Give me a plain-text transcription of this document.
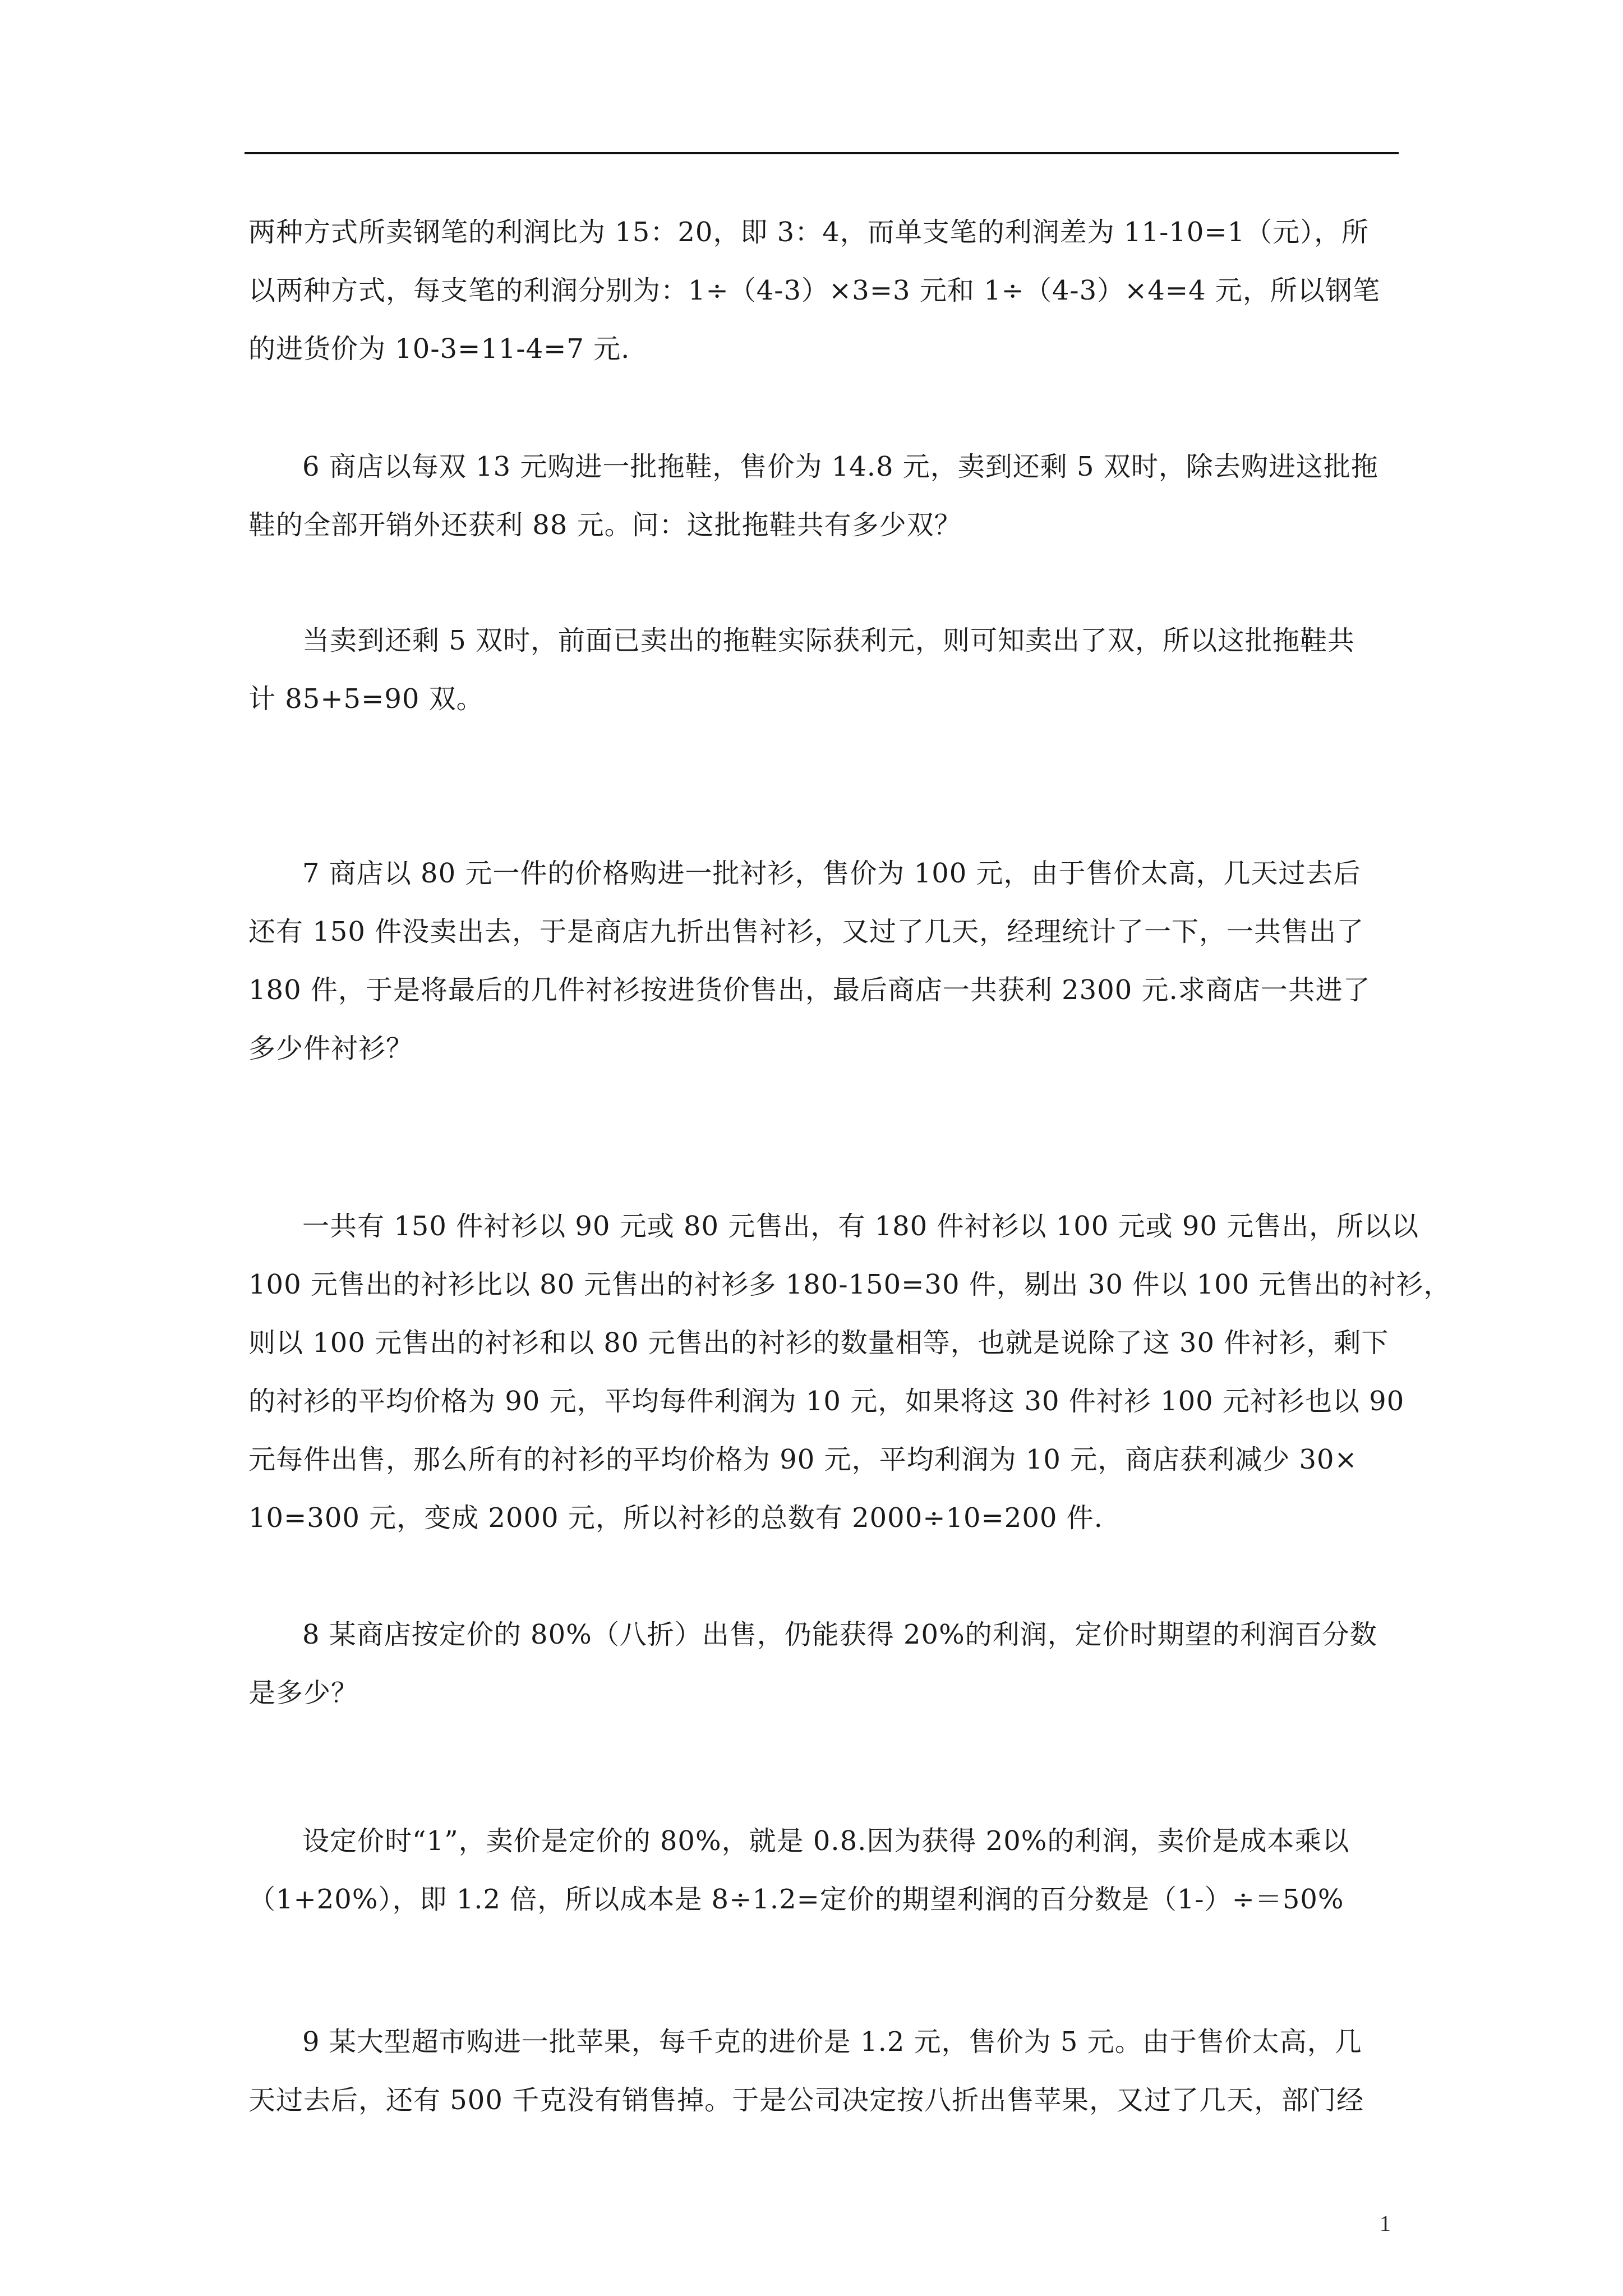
两种方式所卖钢笔的利润比为 15：20，即 3：4，而单支笔的利润差为 11-10=1（元），所
以两种方式，每支笔的利润分别为：1÷（4-3）×3=3 元和 1÷（4-3）×4=4 元，所以钢笔
的进货价为 10-3=11-4=7 元.
6 商店以每双 13 元购进一批拖鞋，售价为 14.8 元，卖到还剩 5 双时，除去购进这批拖
鞋的全部开销外还获利 88 元。问：这批拖鞋共有多少双？
当卖到还剩 5 双时，前面已卖出的拖鞋实际获利元，则可知卖出了双，所以这批拖鞋共
计 85+5=90 双。
7 商店以 80 元一件的价格购进一批衬衫，售价为 100 元，由于售价太高，几天过去后
还有 150 件没卖出去，于是商店九折出售衬衫，又过了几天，经理统计了一下，一共售出了
180 件，于是将最后的几件衬衫按进货价售出，最后商店一共获利 2300 元.求商店一共进了
多少件衬衫？
一共有 150 件衬衫以 90 元或 80 元售出，有 180 件衬衫以 100 元或 90 元售出，所以以
100 元售出的衬衫比以 80 元售出的衬衫多 180-150=30 件，剔出 30 件以 100 元售出的衬衫，
则以 100 元售出的衬衫和以 80 元售出的衬衫的数量相等，也就是说除了这 30 件衬衫，剩下
的衬衫的平均价格为 90 元，平均每件利润为 10 元，如果将这 30 件衬衫 100 元衬衫也以 90
元每件出售，那么所有的衬衫的平均价格为 90 元，平均利润为 10 元，商店获利减少 30×
10=300 元，变成 2000 元，所以衬衫的总数有 2000÷10=200 件.
8 某商店按定价的 80%（八折）出售，仍能获得 20%的利润，定价时期望的利润百分数
是多少？
设定价时“1”，卖价是定价的 80%，就是 0.8.因为获得 20%的利润，卖价是成本乘以
（1+20%），即 1.2 倍，所以成本是 8÷1.2=定价的期望利润的百分数是（1-）÷＝50%
9 某大型超市购进一批苹果，每千克的进价是 1.2 元，售价为 5 元。由于售价太高，几
天过去后，还有 500 千克没有销售掉。于是公司决定按八折出售苹果，又过了几天，部门经
1
